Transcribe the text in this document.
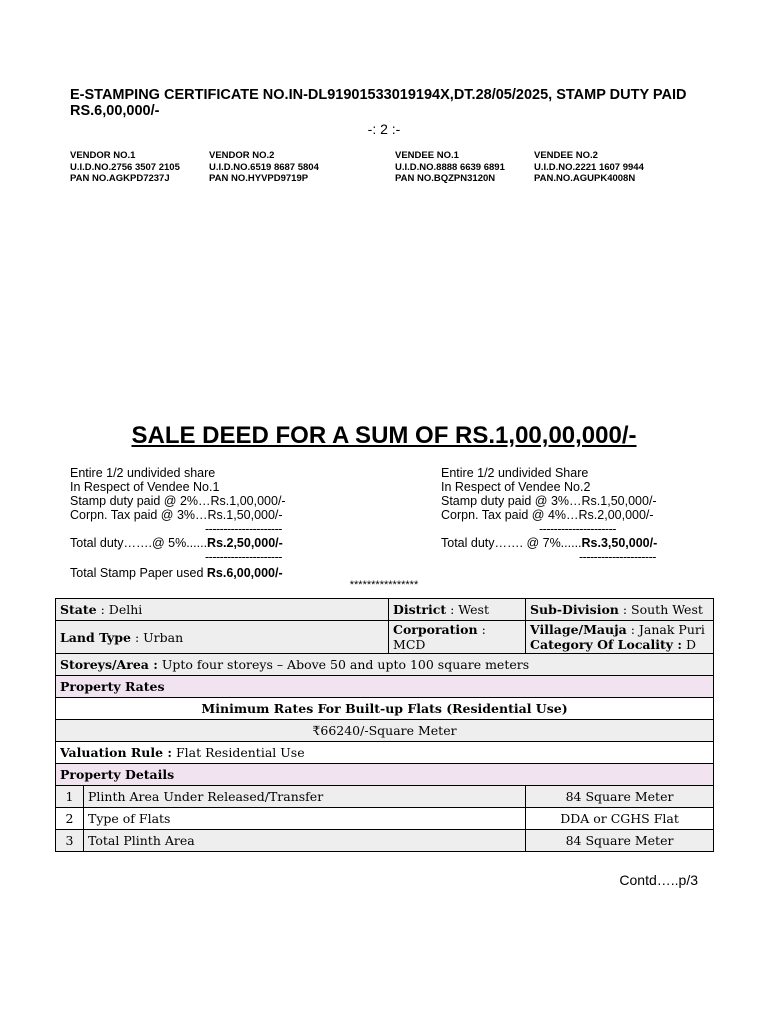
E-STAMPING CERTIFICATE NO.IN-DL91901533019194X,DT.28/05/2025, STAMP DUTY PAID RS.6,00,000/-
-: 2 :-
VENDOR NO.1
U.I.D.NO.2756 3507 2105
PAN NO.AGKPD7237J
VENDOR NO.2
U.I.D.NO.6519 8687 5804
PAN NO.HYVPD9719P
VENDEE NO.1
U.I.D.NO.8888 6639 6891
PAN NO.BQZPN3120N
VENDEE NO.2
U.I.D.NO.2221 1607 9944
PAN.NO.AGUPK4008N
SALE DEED FOR A SUM OF RS.1,00,00,000/-
Entire 1/2 undivided share
In Respect of Vendee No.1
Stamp duty paid @ 2%…Rs.1,00,000/-
Corpn. Tax paid @ 3%…Rs.1,50,000/-
---------------------
Total duty…….@ 5%......Rs.2,50,000/-
---------------------
Entire 1/2 undivided Share
In Respect of Vendee No.2
Stamp duty paid @ 3%…Rs.1,50,000/-
Corpn. Tax paid @ 4%…Rs.2,00,000/-
---------------------
Total duty……. @ 7%......Rs.3,50,000/-
---------------------
Total Stamp Paper used Rs.6,00,000/-
****************
State : Delhi		District : West	Sub-Division : South West
Land Type : Urban		Corporation : MCD	Village/Mauja : Janak Puri
Category Of Locality : D

Storeys/Area : Upto four storeys – Above 50 and upto 100 square meters			
Property Rates			
Minimum Rates For Built-up Flats (Residential Use)			
₹66240/-Square Meter			
Valuation Rule : Flat Residential Use			
Property Details			
1	Plinth Area Under Released/Transfer		84 Square Meter
2	Type of Flats		DDA or CGHS Flat
3	Total Plinth Area		84 Square Meter
Contd…..p/3
